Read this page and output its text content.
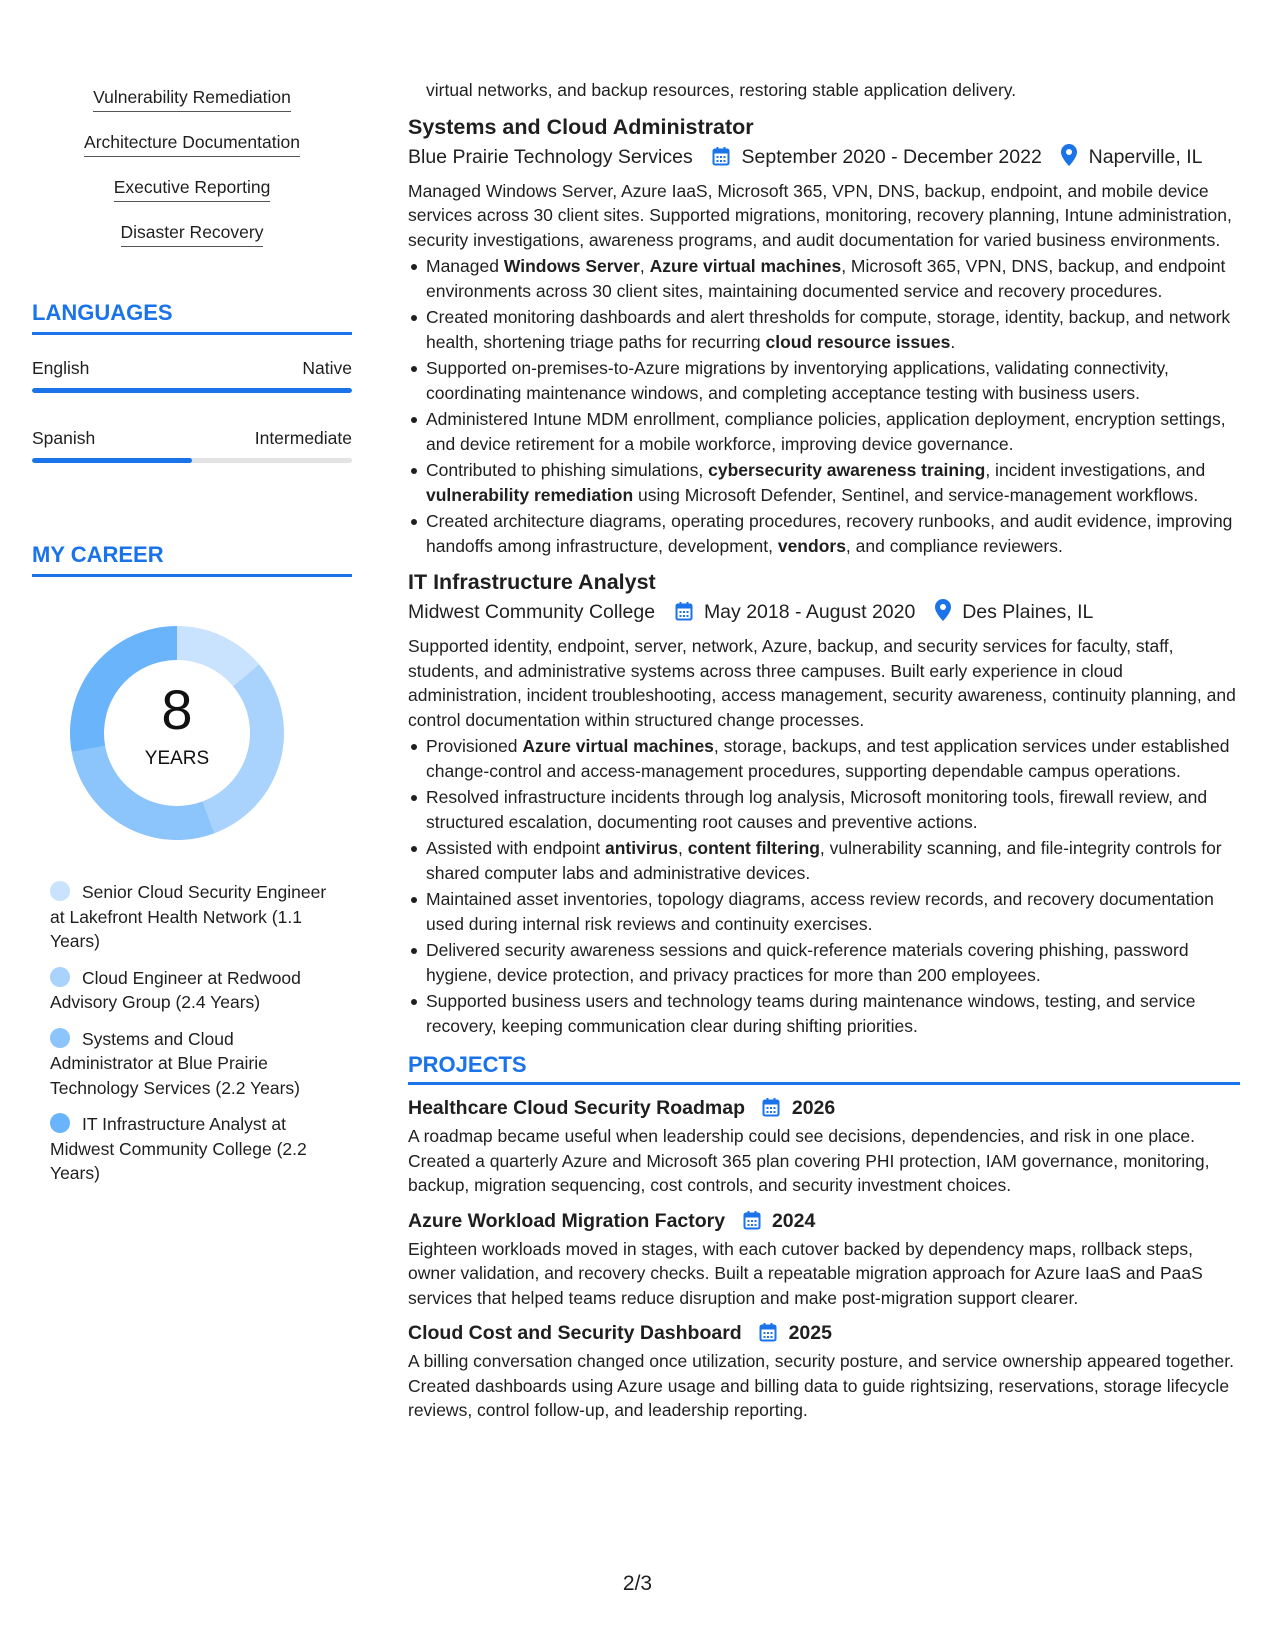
Vulnerability Remediation
Architecture Documentation
Executive Reporting
Disaster Recovery
LANGUAGES
English	Native
Spanish	Intermediate
MY CAREER
8
YEARS
Senior Cloud Security Engineer at Lakefront Health Network (1.1 Years)
Cloud Engineer at Redwood Advisory Group (2.4 Years)
Systems and Cloud Administrator at Blue Prairie Technology Services (2.2 Years)
IT Infrastructure Analyst at Midwest Community College (2.2 Years)
virtual networks, and backup resources, restoring stable application delivery.
Systems and Cloud Administrator
Blue Prairie Technology Services	September 2020 - December 2022 Naperville, IL
Managed Windows Server, Azure IaaS, Microsoft 365, VPN, DNS, backup, endpoint, and mobile device services across 30 client sites. Supported migrations, monitoring, recovery planning, Intune administration, security investigations, awareness programs, and audit documentation for varied business environments.
Managed Windows Server, Azure virtual machines, Microsoft 365, VPN, DNS, backup, and endpoint environments across 30 client sites, maintaining documented service and recovery procedures.
Created monitoring dashboards and alert thresholds for compute, storage, identity, backup, and network health, shortening triage paths for recurring cloud resource issues.
Supported on-premises-to-Azure migrations by inventorying applications, validating connectivity, coordinating maintenance windows, and completing acceptance testing with business users.
Administered Intune MDM enrollment, compliance policies, application deployment, encryption settings, and device retirement for a mobile workforce, improving device governance.
Contributed to phishing simulations, cybersecurity awareness training, incident investigations, and vulnerability remediation using Microsoft Defender, Sentinel, and service-management workflows.
Created architecture diagrams, operating procedures, recovery runbooks, and audit evidence, improving handoffs among infrastructure, development, vendors, and compliance reviewers.
IT Infrastructure Analyst
Midwest Community College	May 2018 - August 2020 Des Plaines, IL
Supported identity, endpoint, server, network, Azure, backup, and security services for faculty, staff, students, and administrative systems across three campuses. Built early experience in cloud administration, incident troubleshooting, access management, security awareness, continuity planning, and control documentation within structured change processes.
Provisioned Azure virtual machines, storage, backups, and test application services under established change-control and access-management procedures, supporting dependable campus operations.
Resolved infrastructure incidents through log analysis, Microsoft monitoring tools, firewall review, and structured escalation, documenting root causes and preventive actions.
Assisted with endpoint antivirus, content filtering, vulnerability scanning, and file-integrity controls for shared computer labs and administrative devices.
Maintained asset inventories, topology diagrams, access review records, and recovery documentation used during internal risk reviews and continuity exercises.
Delivered security awareness sessions and quick-reference materials covering phishing, password hygiene, device protection, and privacy practices for more than 200 employees.
Supported business users and technology teams during maintenance windows, testing, and service recovery, keeping communication clear during shifting priorities.
PROJECTS
Healthcare Cloud Security Roadmap 2026
A roadmap became useful when leadership could see decisions, dependencies, and risk in one place. Created a quarterly Azure and Microsoft 365 plan covering PHI protection, IAM governance, monitoring, backup, migration sequencing, cost controls, and security investment choices.
Azure Workload Migration Factory 2024
Eighteen workloads moved in stages, with each cutover backed by dependency maps, rollback steps, owner validation, and recovery checks. Built a repeatable migration approach for Azure IaaS and PaaS services that helped teams reduce disruption and make post-migration support clearer.
Cloud Cost and Security Dashboard 2025
A billing conversation changed once utilization, security posture, and service ownership appeared together. Created dashboards using Azure usage and billing data to guide rightsizing, reservations, storage lifecycle reviews, control follow-up, and leadership reporting.
2/3
